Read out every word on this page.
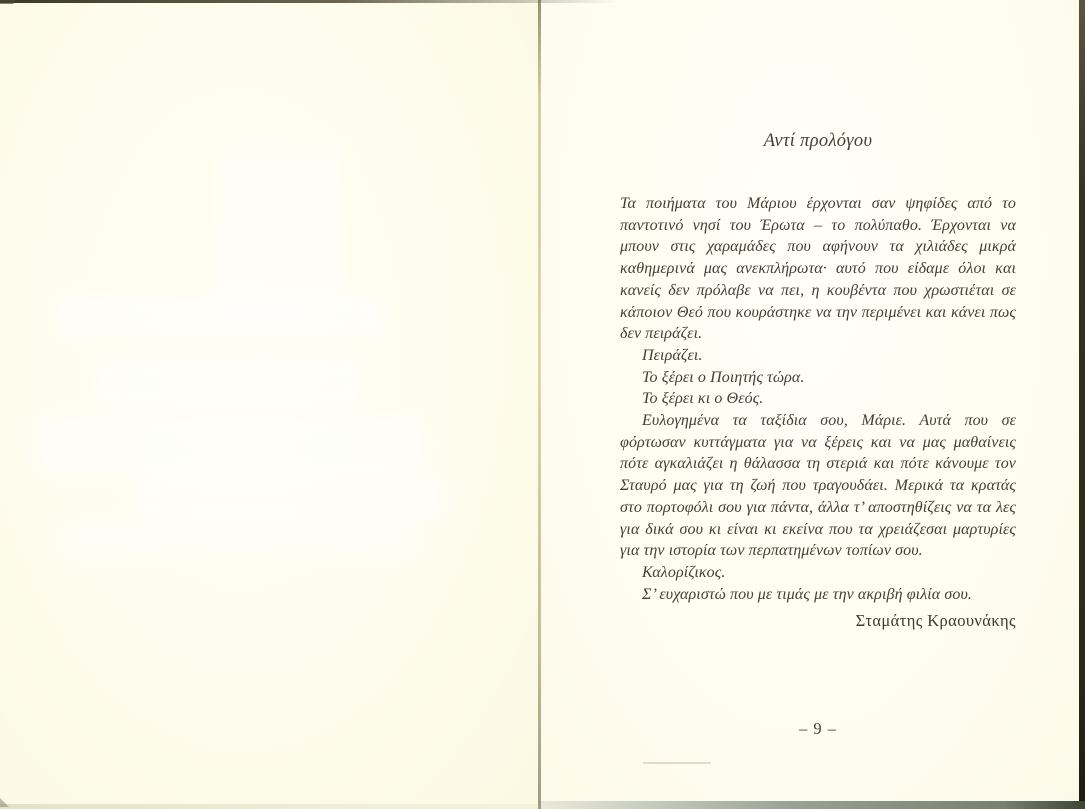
Αντί προλόγου

Τα ποιήματα του Μάριου έρχονται σαν ψηφίδες από το παντοτινό νησί του Έρωτα – το πολύπαθο. Έρχονται να μπουν στις χαραμάδες που αφήνουν τα χιλιάδες μικρά καθημερινά μας ανεκπλήρωτα· αυτό που είδαμε όλοι και κανείς δεν πρόλαβε να πει, η κουβέντα που χρωστιέται σε κάποιον Θεό που κουράστηκε να την περιμένει και κάνει πως δεν πειράζει.

Πειράζει.

Το ξέρει ο Ποιητής τώρα.

Το ξέρει κι ο Θεός.

Ευλογημένα τα ταξίδια σου, Μάριε. Αυτά που σε φόρτωσαν κυττάγματα για να ξέρεις και να μας μαθαίνεις πότε αγκαλιάζει η θάλασσα τη στεριά και πότε κάνουμε τον Σταυρό μας για τη ζωή που τραγουδάει. Μερικά τα κρατάς στο πορτοφόλι σου για πάντα, άλλα τ’ αποστηθίζεις να τα λες για δικά σου κι είναι κι εκείνα που τα χρειάζεσαι μαρτυρίες για την ιστορία των περπατημένων τοπίων σου.

Καλορίζικος.

Σ’ ευχαριστώ που με τιμάς με την ακριβή φιλία σου.

Σταμάτης Κραουνάκης
– 9 –
